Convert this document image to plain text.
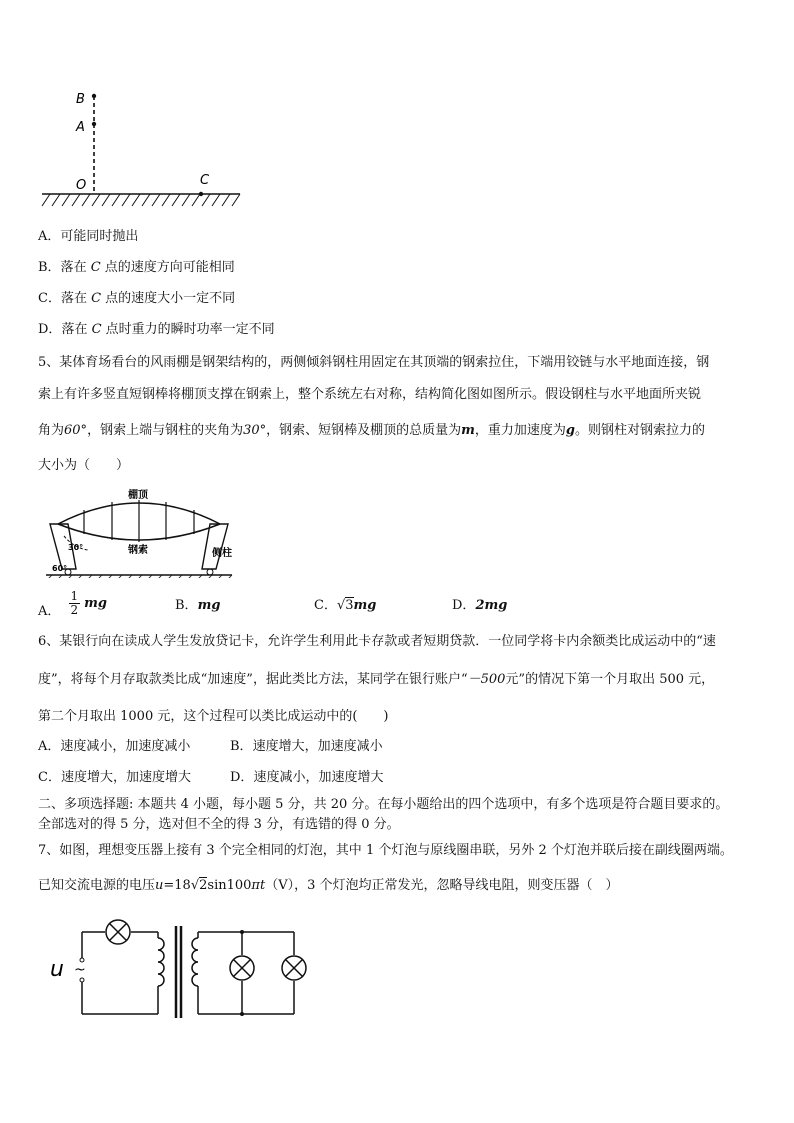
B
A
O	C
A．可能同时抛出
B．落在 C 点的速度方向可能相同
C．落在 C 点的速度大小一定不同
D．落在 C 点时重力的瞬时功率一定不同
5、某体育场看台的风雨棚是钢架结构的，两侧倾斜钢柱用固定在其顶端的钢索拉住，下端用铰链与水平地面连接，钢
索上有许多竖直短钢棒将棚顶支撑在钢索上，整个系统左右对称，结构简化图如图所示。假设钢柱与水平地面所夹锐
角为60°，钢索上端与钢柱的夹角为30°，钢索、短钢棒及棚顶的总质量为m，重力加速度为g。则钢柱对钢索拉力的
大小为（　　）
棚顶
钢索	侧柱
30°
60°
A． $\frac{1}{2}$ mg	B．mg	C．√3mg	D．2mg
6、某银行向在读成人学生发放贷记卡，允许学生利用此卡存款或者短期贷款．一位同学将卡内余额类比成运动中的“速
度”，将每个月存取款类比成“加速度”，据此类比方法，某同学在银行账户“－500元”的情况下第一个月取出 500 元，
第二个月取出 1000 元，这个过程可以类比成运动中的(　　)
A．速度减小，加速度减小	B．速度增大，加速度减小
C．速度增大，加速度增大	D．速度减小，加速度增大
二、多项选择题: 本题共 4 小题，每小题 5 分，共 20 分。在每小题给出的四个选项中，有多个选项是符合题目要求的。
全部选对的得 5 分，选对但不全的得 3 分，有选错的得 0 分。
7、如图，理想变压器上接有 3 个完全相同的灯泡，其中 1 个灯泡与原线圈串联，另外 2 个灯泡并联后接在副线圈两端。
已知交流电源的电压u=18√2sin100πt（V），3 个灯泡均正常发光，忽略导线电阻，则变压器（　）
u ~
